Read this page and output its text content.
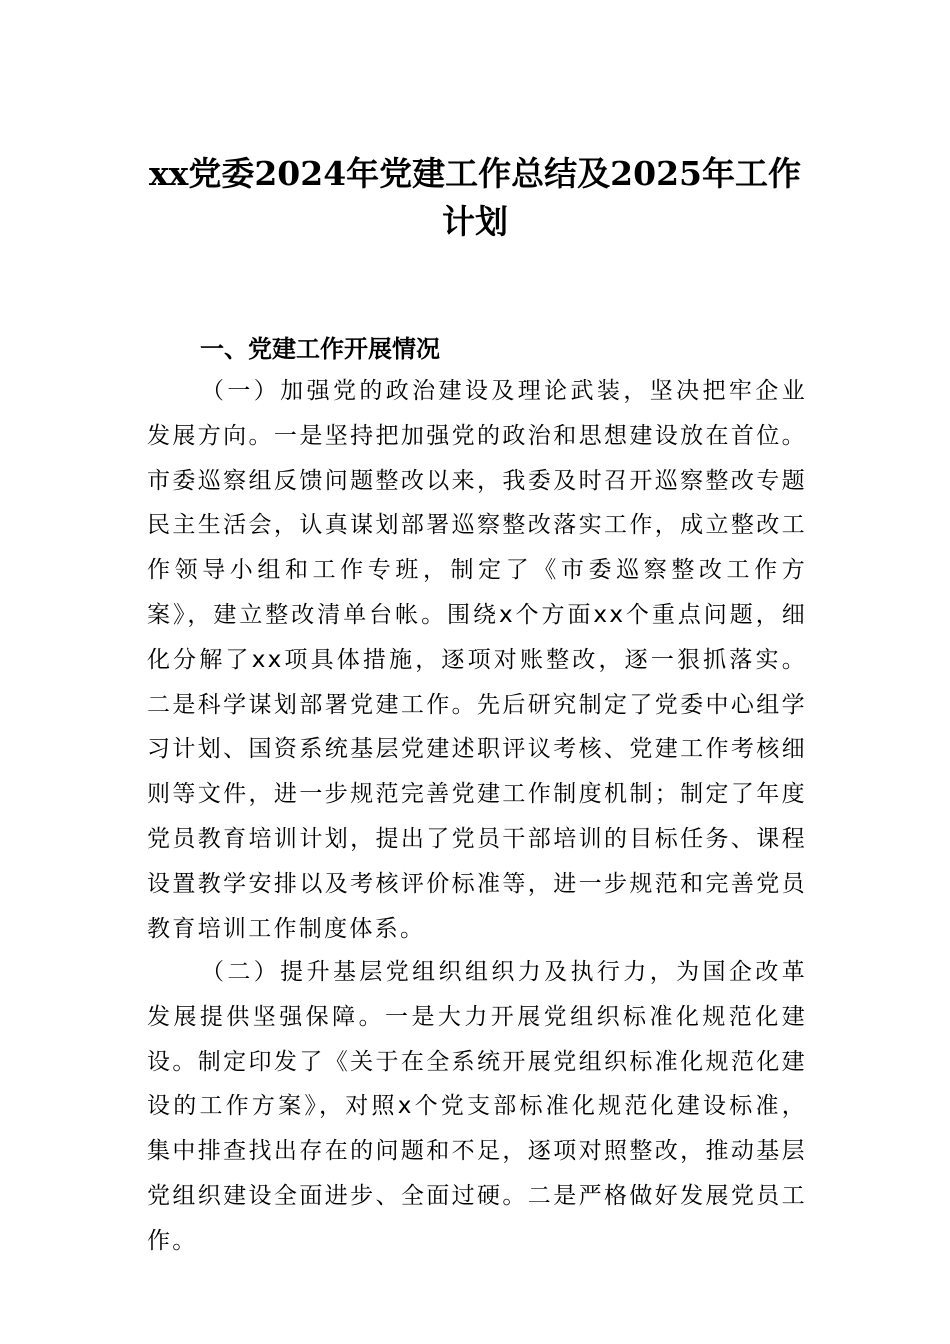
xx党委2024年党建工作总结及2025年工作计划
一、党建工作开展情况

（一）加强党的政治建设及理论武装，坚决把牢企业发展方向。一是坚持把加强党的政治和思想建设放在首位。市委巡察组反馈问题整改以来，我委及时召开巡察整改专题民主生活会，认真谋划部署巡察整改落实工作，成立整改工作领导小组和工作专班，制定了《市委巡察整改工作方案》，建立整改清单台帐。围绕x个方面xx个重点问题，细化分解了xx项具体措施，逐项对账整改，逐一狠抓落实。二是科学谋划部署党建工作。先后研究制定了党委中心组学习计划、国资系统基层党建述职评议考核、党建工作考核细则等文件，进一步规范完善党建工作制度机制；制定了年度党员教育培训计划，提出了党员干部培训的目标任务、课程设置教学安排以及考核评价标准等，进一步规范和完善党员教育培训工作制度体系。

（二）提升基层党组织组织力及执行力，为国企改革发展提供坚强保障。一是大力开展党组织标准化规范化建设。制定印发了《关于在全系统开展党组织标准化规范化建设的工作方案》，对照x个党支部标准化规范化建设标准，集中排查找出存在的问题和不足，逐项对照整改，推动基层党组织建设全面进步、全面过硬。二是严格做好发展党员工作。
